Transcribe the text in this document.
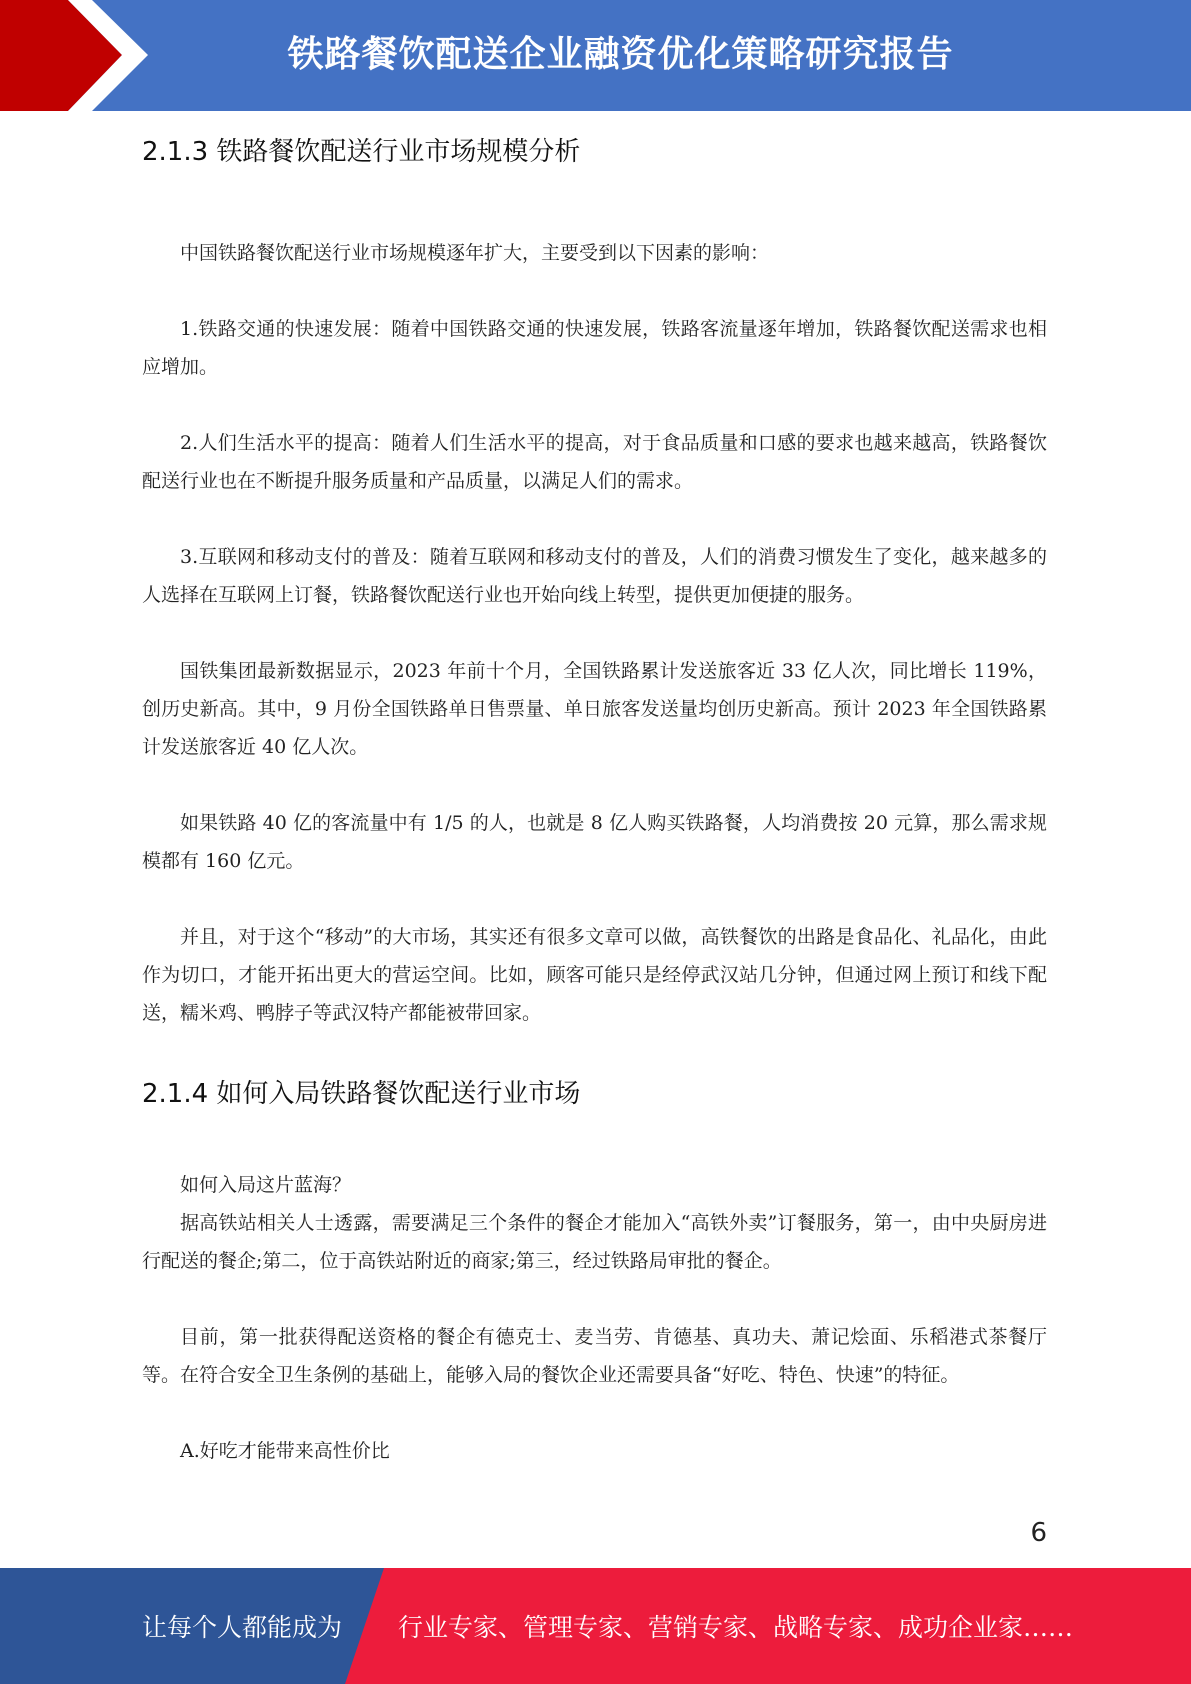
铁路餐饮配送企业融资优化策略研究报告
2.1.3 铁路餐饮配送行业市场规模分析

中国铁路餐饮配送行业市场规模逐年扩大，主要受到以下因素的影响：

1.铁路交通的快速发展：随着中国铁路交通的快速发展，铁路客流量逐年增加，铁路餐饮配送需求也相应增加。

2.人们生活水平的提高：随着人们生活水平的提高，对于食品质量和口感的要求也越来越高，铁路餐饮配送行业也在不断提升服务质量和产品质量，以满足人们的需求。

3.互联网和移动支付的普及：随着互联网和移动支付的普及，人们的消费习惯发生了变化，越来越多的人选择在互联网上订餐，铁路餐饮配送行业也开始向线上转型，提供更加便捷的服务。

国铁集团最新数据显示，2023 年前十个月，全国铁路累计发送旅客近 33 亿人次，同比增长 119%，创历史新高。其中，9 月份全国铁路单日售票量、单日旅客发送量均创历史新高。预计 2023 年全国铁路累计发送旅客近 40 亿人次。

如果铁路 40 亿的客流量中有 1/5 的人，也就是 8 亿人购买铁路餐，人均消费按 20 元算，那么需求规模都有 160 亿元。

并且，对于这个“移动”的大市场，其实还有很多文章可以做，高铁餐饮的出路是食品化、礼品化，由此作为切口，才能开拓出更大的营运空间。比如，顾客可能只是经停武汉站几分钟，但通过网上预订和线下配送，糯米鸡、鸭脖子等武汉特产都能被带回家。

2.1.4 如何入局铁路餐饮配送行业市场

如何入局这片蓝海？

据高铁站相关人士透露，需要满足三个条件的餐企才能加入“高铁外卖”订餐服务，第一，由中央厨房进行配送的餐企;第二，位于高铁站附近的商家;第三，经过铁路局审批的餐企。

目前，第一批获得配送资格的餐企有德克士、麦当劳、肯德基、真功夫、萧记烩面、乐稻港式茶餐厅等。在符合安全卫生条例的基础上，能够入局的餐饮企业还需要具备“好吃、特色、快速”的特征。

A.好吃才能带来高性价比

6
让每个人都能成为 行业专家、管理专家、营销专家、战略专家、成功企业家……
